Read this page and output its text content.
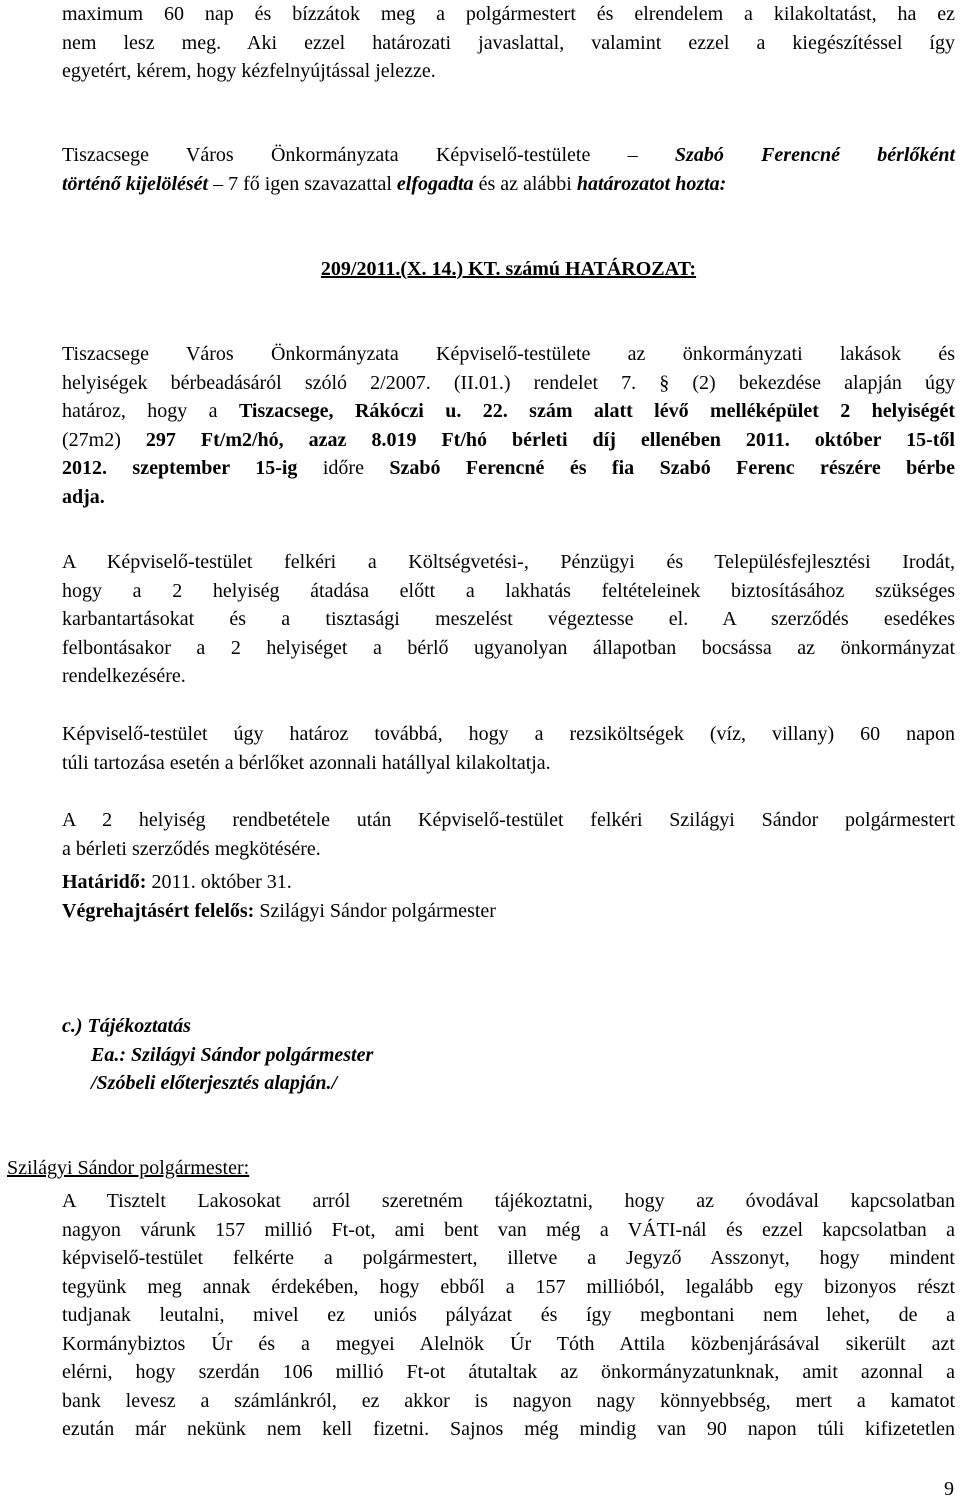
maximum 60 nap és bízzátok meg a polgármestert és elrendelem a kilakoltatást, ha ez
nem lesz meg. Aki ezzel határozati javaslattal, valamint ezzel a kiegészítéssel így
egyetért, kérem, hogy kézfelnyújtással jelezze.
Tiszacsege Város Önkormányzata Képviselő-testülete – Szabó Ferencné bérlőként
történő kijelölését – 7 fő igen szavazattal elfogadta és az alábbi határozatot hozta:
209/2011.(X. 14.) KT. számú HATÁROZAT:
Tiszacsege Város Önkormányzata Képviselő-testülete az önkormányzati lakások és
helyiségek bérbeadásáról szóló 2/2007. (II.01.) rendelet 7. § (2) bekezdése alapján úgy
határoz, hogy a Tiszacsege, Rákóczi u. 22. szám alatt lévő melléképület 2 helyiségét
(27m2) 297 Ft/m2/hó, azaz 8.019 Ft/hó bérleti díj ellenében 2011. október 15-től
2012. szeptember 15-ig időre Szabó Ferencné és fia Szabó Ferenc részére bérbe
adja.
A Képviselő-testület felkéri a Költségvetési-, Pénzügyi és Településfejlesztési Irodát,
hogy a 2 helyiség átadása előtt a lakhatás feltételeinek biztosításához szükséges
karbantartásokat és a tisztasági meszelést végeztesse el. A szerződés esedékes
felbontásakor a 2 helyiséget a bérlő ugyanolyan állapotban bocsássa az önkormányzat
rendelkezésére.
Képviselő-testület úgy határoz továbbá, hogy a rezsiköltségek (víz, villany) 60 napon
túli tartozása esetén a bérlőket azonnali hatállyal kilakoltatja.
A 2 helyiség rendbetétele után Képviselő-testület felkéri Szilágyi Sándor polgármestert
a bérleti szerződés megkötésére.
Határidő: 2011. október 31.
Végrehajtásért felelős: Szilágyi Sándor polgármester
c.) Tájékoztatás
Ea.: Szilágyi Sándor polgármester
/Szóbeli előterjesztés alapján./
Szilágyi Sándor polgármester:
A Tisztelt Lakosokat arról szeretném tájékoztatni, hogy az óvodával kapcsolatban
nagyon várunk 157 millió Ft-ot, ami bent van még a VÁTI-nál és ezzel kapcsolatban a
képviselő-testület felkérte a polgármestert, illetve a Jegyző Asszonyt, hogy mindent
tegyünk meg annak érdekében, hogy ebből a 157 millióból, legalább egy bizonyos részt
tudjanak leutalni, mivel ez uniós pályázat és így megbontani nem lehet, de a
Kormánybiztos Úr és a megyei Alelnök Úr Tóth Attila közbenjárásával sikerült azt
elérni, hogy szerdán 106 millió Ft-ot átutaltak az önkormányzatunknak, amit azonnal a
bank levesz a számlánkról, ez akkor is nagyon nagy könnyebbség, mert a kamatot
ezután már nekünk nem kell fizetni. Sajnos még mindig van 90 napon túli kifizetetlen
9
